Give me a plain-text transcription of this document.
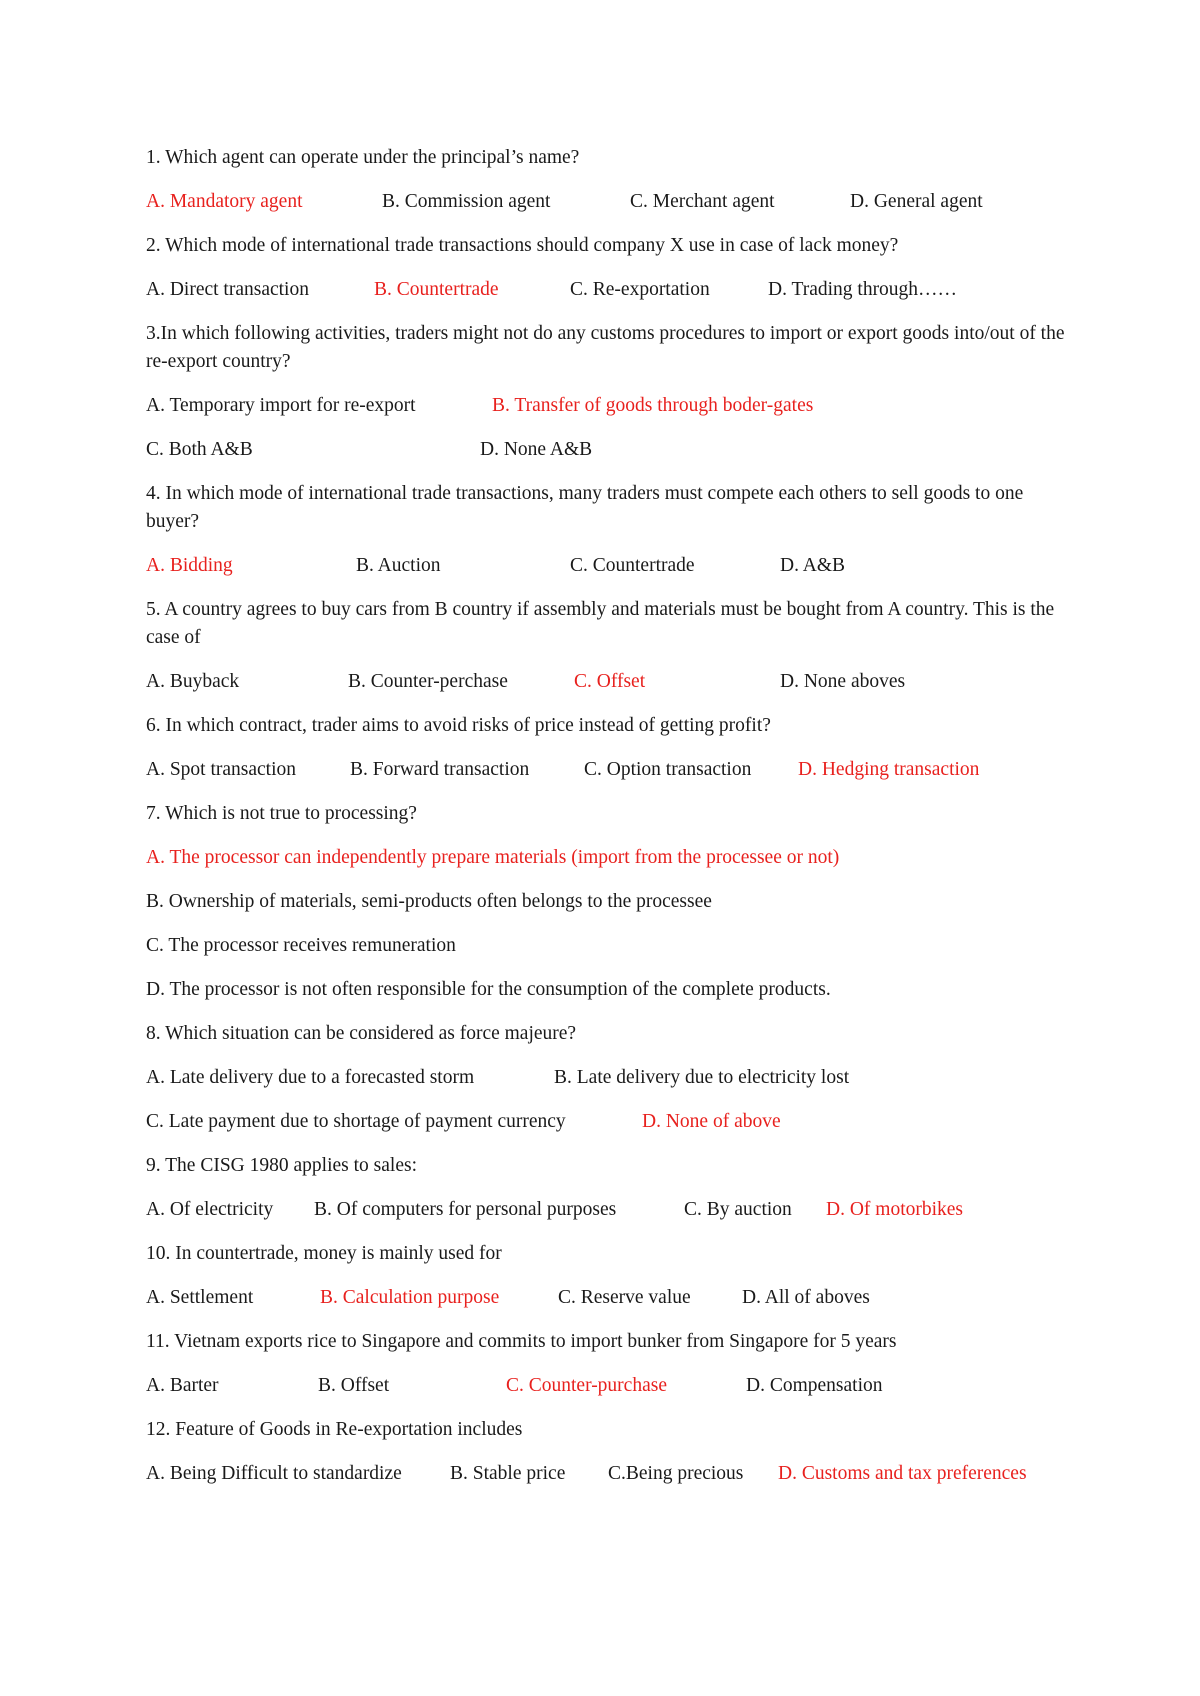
1. Which agent can operate under the principal’s name?
A. Mandatory agent	B. Commission agent	C. Merchant agent	D. General agent
2. Which mode of international trade transactions should company X use in case of lack money?
A. Direct transaction	B. Countertrade	C. Re-exportation	D. Trading through……
3.In which following activities, traders might not do any customs procedures to import or export goods into/out of the re-export country?
A. Temporary import for re-export	B. Transfer of goods through boder-gates
C. Both A&B	D. None A&B
4. In which mode of international trade transactions, many traders must compete each others to sell goods to one buyer?
A. Bidding	B. Auction	C. Countertrade	D. A&B
5. A country agrees to buy cars from B country if assembly and materials must be bought from A country. This is the case of
A. Buyback	B. Counter-perchase	C. Offset	D. None aboves
6. In which contract, trader aims to avoid risks of price instead of getting profit?
A. Spot transaction	B. Forward transaction	C. Option transaction D. Hedging transaction
7. Which is not true to processing?
A. The processor can independently prepare materials (import from the processee or not)
B. Ownership of materials, semi-products often belongs to the processee
C. The processor receives remuneration
D. The processor is not often responsible for the consumption of the complete products.
8. Which situation can be considered as force majeure?
A. Late delivery due to a forecasted storm	B. Late delivery due to electricity lost
C. Late payment due to shortage of payment currency	D. None of above
9. The CISG 1980 applies to sales:
A. Of electricity B. Of computers for personal purposes	C. By auction D. Of motorbikes
10. In countertrade, money is mainly used for
A. Settlement	B. Calculation purpose	C. Reserve value	D. All of aboves
11. Vietnam exports rice to Singapore and commits to import bunker from Singapore for 5 years
A. Barter	B. Offset	C. Counter-purchase	D. Compensation
12. Feature of Goods in Re-exportation includes
A. Being Difficult to standardize B. Stable price C.Being precious D. Customs and tax preferences
